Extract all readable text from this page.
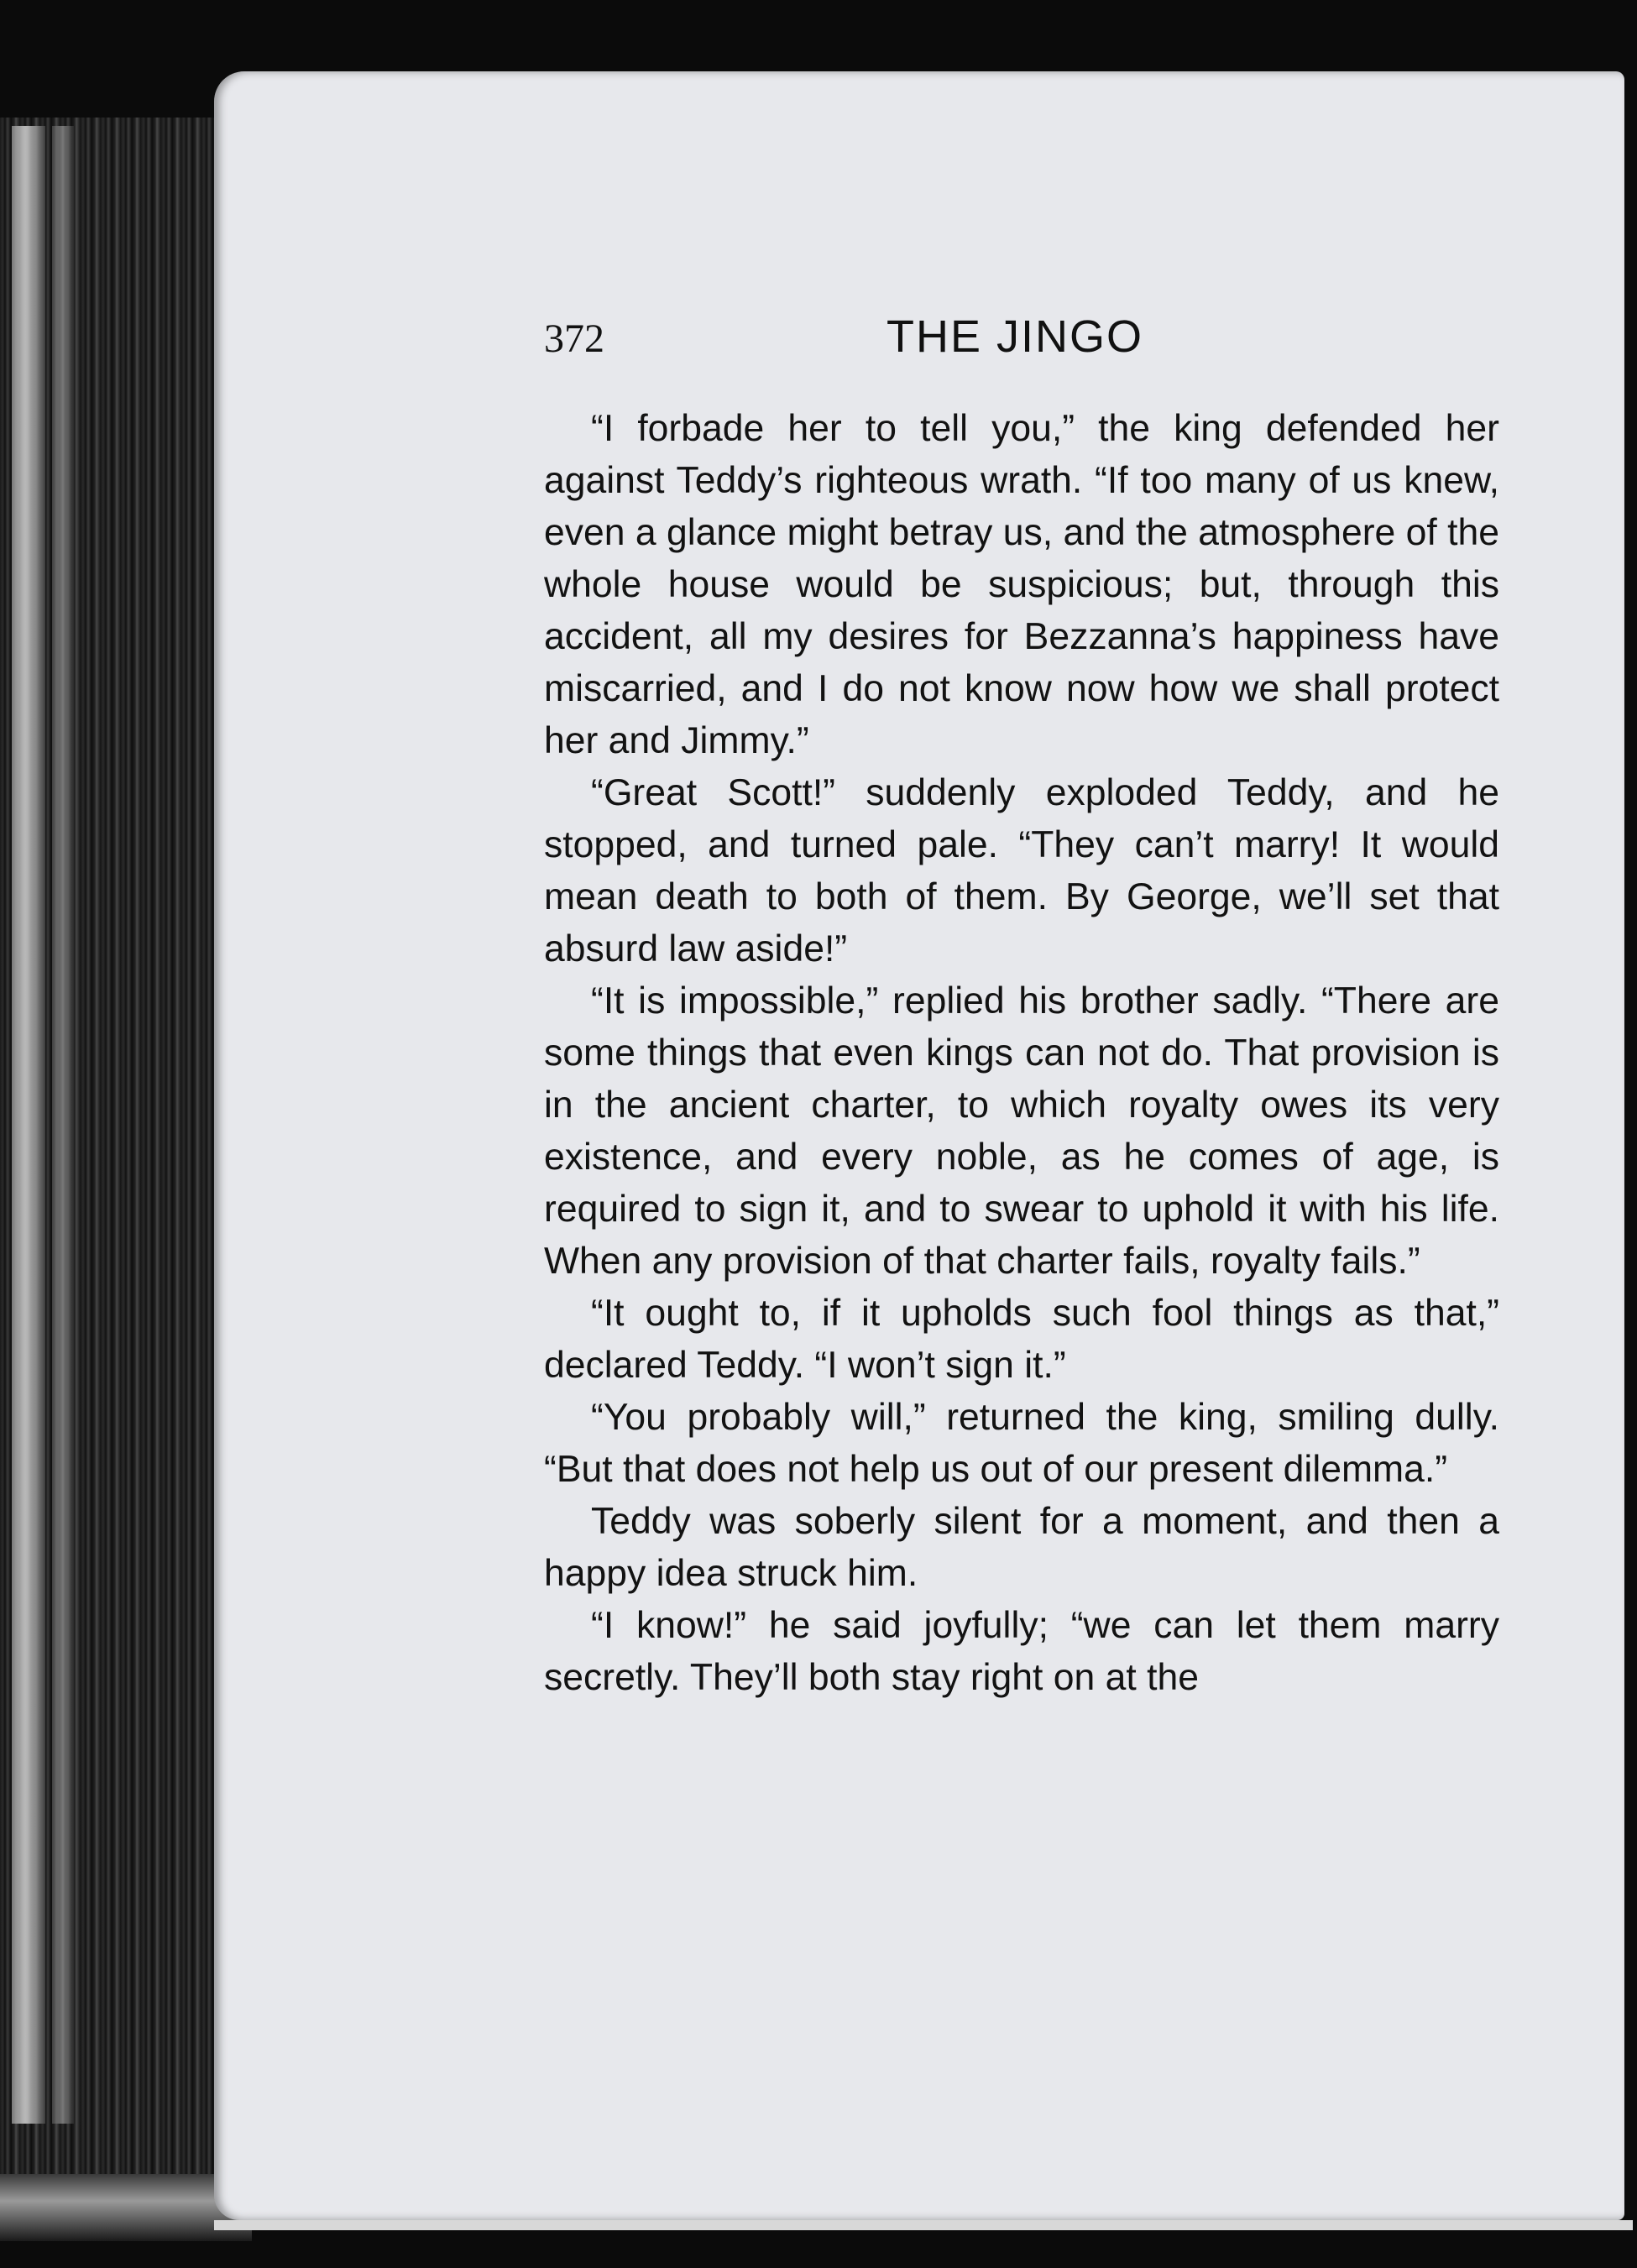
372	THE JINGO

“I forbade her to tell you,” the king defended her against Teddy’s righteous wrath. “If too many of us knew, even a glance might betray us, and the atmosphere of the whole house would be suspicious; but, through this accident, all my desires for Bezzanna’s happiness have miscarried, and I do not know now how we shall protect her and Jimmy.”

“Great Scott!” suddenly exploded Teddy, and he stopped, and turned pale. “They can’t marry! It would mean death to both of them. By George, we’ll set that absurd law aside!”

“It is impossible,” replied his brother sadly. “There are some things that even kings can not do. That provision is in the ancient charter, to which royalty owes its very existence, and every noble, as he comes of age, is required to sign it, and to swear to uphold it with his life. When any provision of that charter fails, royalty fails.”

“It ought to, if it upholds such fool things as that,” declared Teddy. “I won’t sign it.”

“You probably will,” returned the king, smiling dully. “But that does not help us out of our present dilemma.”

Teddy was soberly silent for a moment, and then a happy idea struck him.

“I know!” he said joyfully; “we can let them marry secretly. They’ll both stay right on at the
